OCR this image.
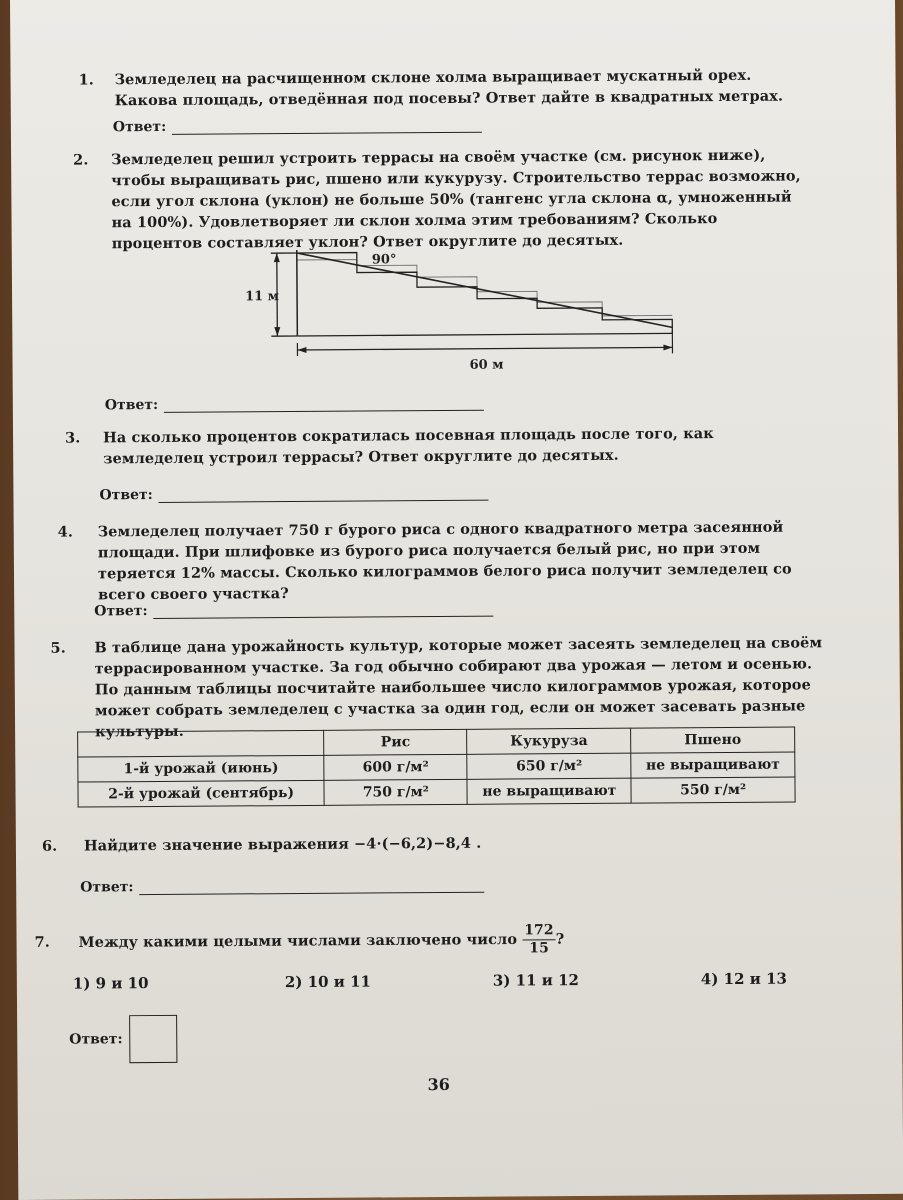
1. Земледелец на расчищенном склоне холма выращивает мускатный орех. Какова площадь, отведённая под посевы? Ответ дайте в квадратных метрах.
Ответ:
2. Земледелец решил устроить террасы на своём участке (см. рисунок ниже), чтобы выращивать рис, пшено или кукурузу. Строительство террас возможно, если угол склона (уклон) не больше 50% (тангенс угла склона α, умноженный на 100%). Удовлетворяет ли склон холма этим требованиям? Сколько процентов составляет уклон? Ответ округлите до десятых.
11 м
90°
60 м
Ответ:
3. На сколько процентов сократилась посевная площадь после того, как земледелец устроил террасы? Ответ округлите до десятых.
Ответ:
4. Земледелец получает 750 г бурого риса с одного квадратного метра засеянной площади. При шлифовке из бурого риса получается белый рис, но при этом теряется 12% массы. Сколько килограммов белого риса получит земледелец со всего своего участка?
Ответ:
5. В таблице дана урожайность культур, которые может засеять земледелец на своём террасированном участке. За год обычно собирают два урожая — летом и осенью. По данным таблицы посчитайте наибольшее число килограммов урожая, которое может собрать земледелец с участка за один год, если он может засевать разные культуры.
	Рис	Кукуруза	Пшено
1-й урожай (июнь)	600 г/м²	650 г/м²	не выращивают
2-й урожай (сентябрь)	750 г/м²	не выращивают	550 г/м²
6. Найдите значение выражения −4·(−6,2)−8,4 .
Ответ:
7. Между какими целыми числами заключено число $\frac{172}{15}$ ?
1) 9 и 10	2) 10 и 11	3) 11 и 12	4) 12 и 13
Ответ:
36
